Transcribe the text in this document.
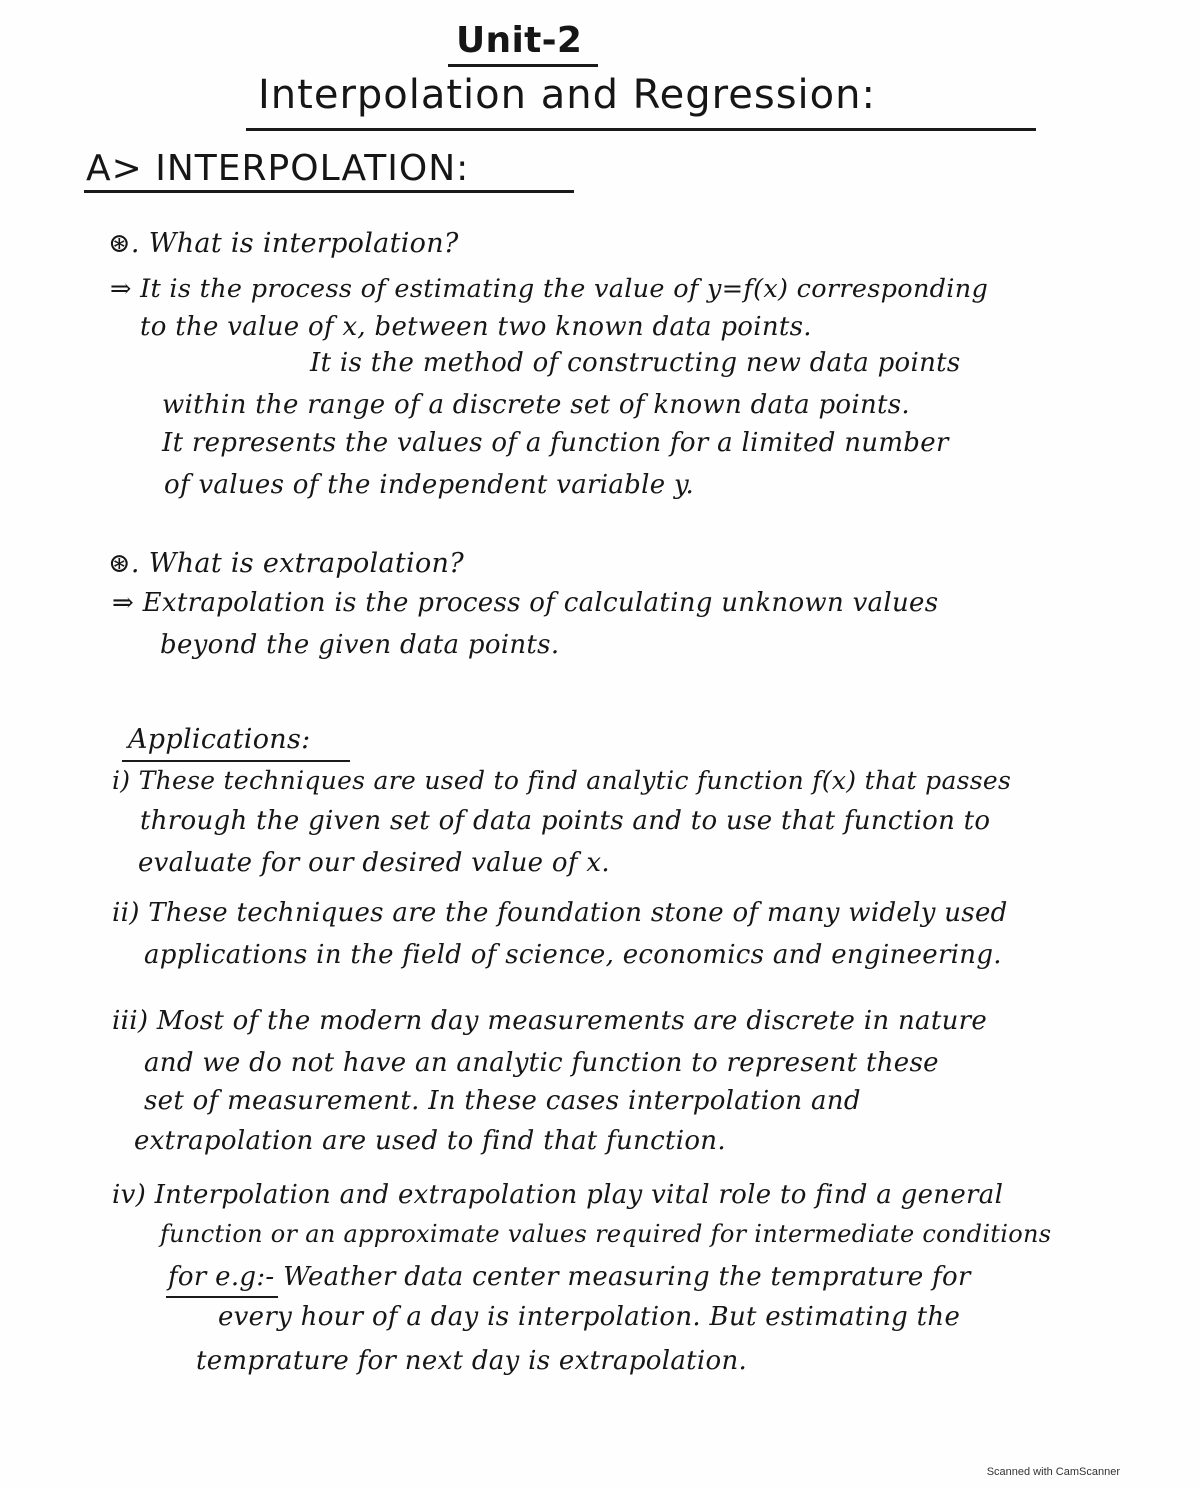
Unit-2
Interpolation and Regression:
A> INTERPOLATION:
⊛. What is interpolation?
⇒ It is the process of estimating the value of y=f(x) corresponding
to the value of x, between two known data points.
It is the method of constructing new data points
within the range of a discrete set of known data points.
It represents the values of a function for a limited number
of values of the independent variable y.
⊛. What is extrapolation?
⇒ Extrapolation is the process of calculating unknown values
beyond the given data points.
Applications:
i) These techniques are used to find analytic function f(x) that passes
through the given set of data points and to use that function to
evaluate for our desired value of x.
ii) These techniques are the foundation stone of many widely used
applications in the field of science, economics and engineering.
iii) Most of the modern day measurements are discrete in nature
and we do not have an analytic function to represent these
set of measurement. In these cases interpolation and
extrapolation are used to find that function.
iv) Interpolation and extrapolation play vital role to find a general
function or an approximate values required for intermediate conditions
for e.g:- Weather data center measuring the temprature for
every hour of a day is interpolation. But estimating the
temprature for next day is extrapolation.
Scanned with CamScanner
